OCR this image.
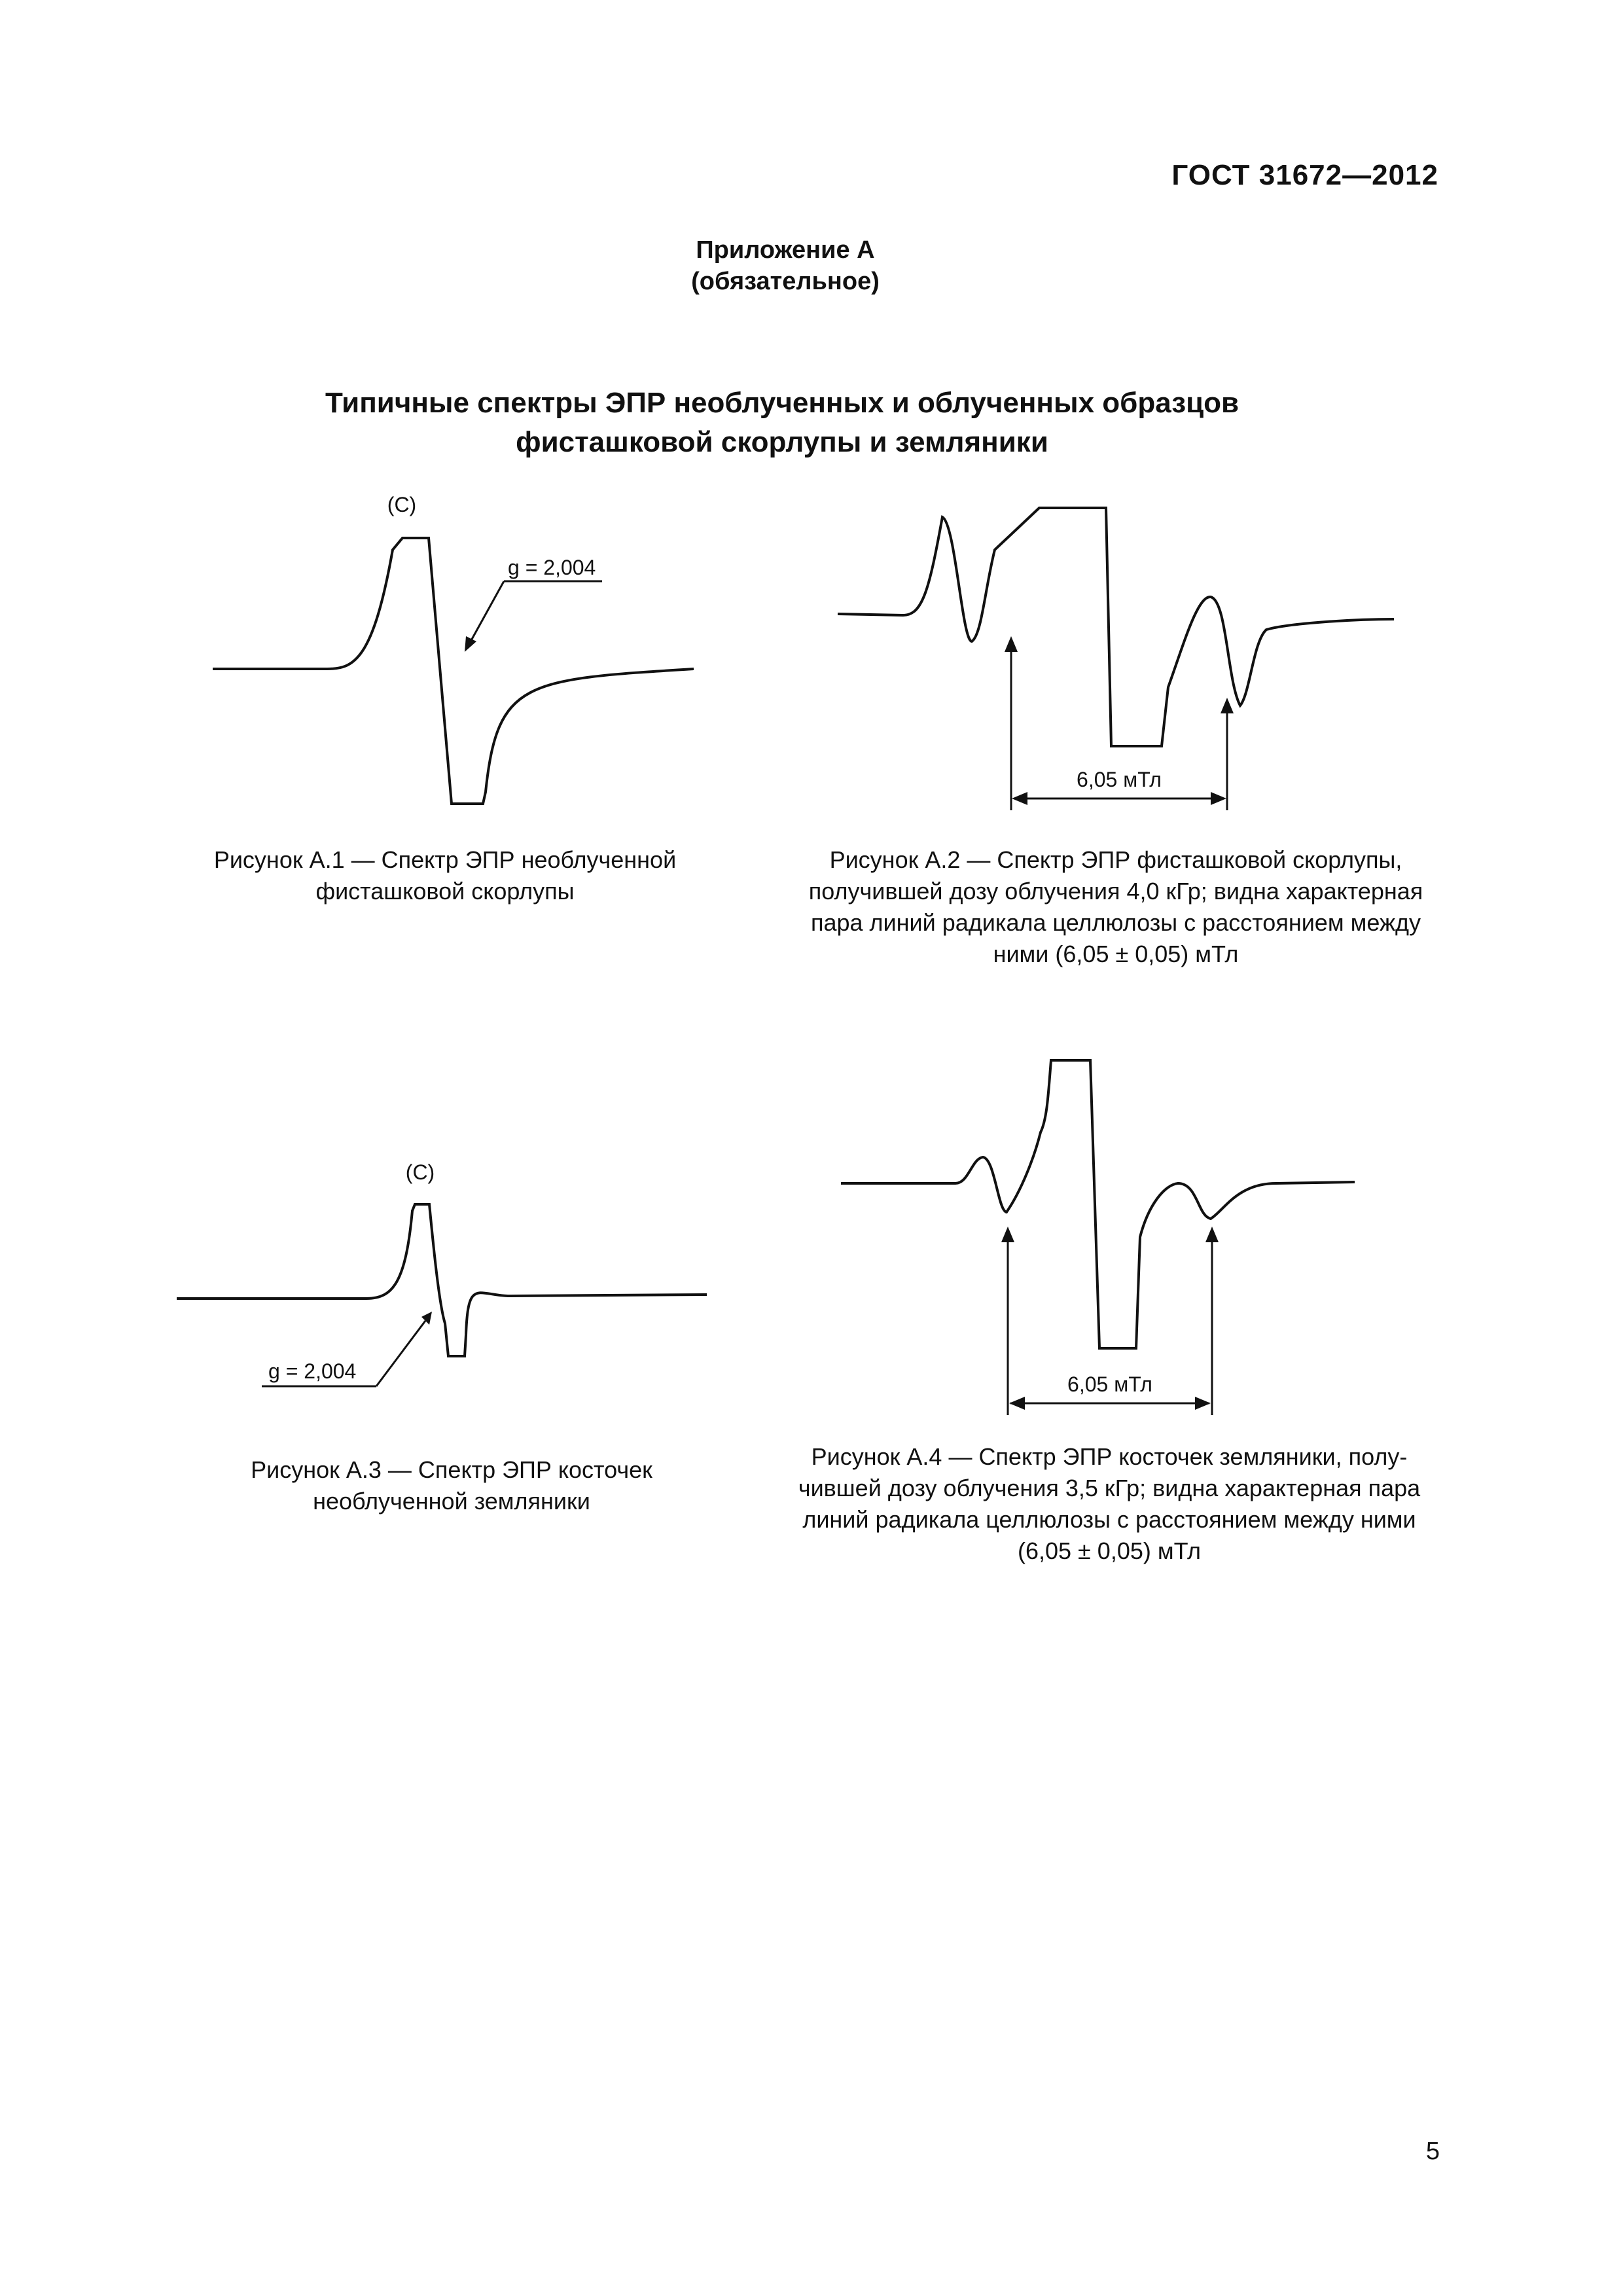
ГОСТ 31672—2012
Приложение А
(обязательное)
Типичные спектры ЭПР необлученных и облученных образцов
фисташковой скорлупы и земляники
(C)
g = 2,004
Рисунок А.1 — Спектр ЭПР необлученной
фисташковой скорлупы
6,05 мТл
Рисунок А.2 — Спектр ЭПР фисташковой скорлупы,
получившей дозу облучения 4,0 кГр; видна характерная
пара линий радикала целлюлозы с расстоянием между
ними (6,05 ± 0,05) мТл
(C)
g = 2,004
Рисунок А.3 — Спектр ЭПР косточек
необлученной земляники
6,05 мТл
Рисунок А.4 — Спектр ЭПР косточек земляники, полу-
чившей дозу облучения 3,5 кГр; видна характерная пара
линий радикала целлюлозы с расстоянием между ними
(6,05 ± 0,05) мТл
5
